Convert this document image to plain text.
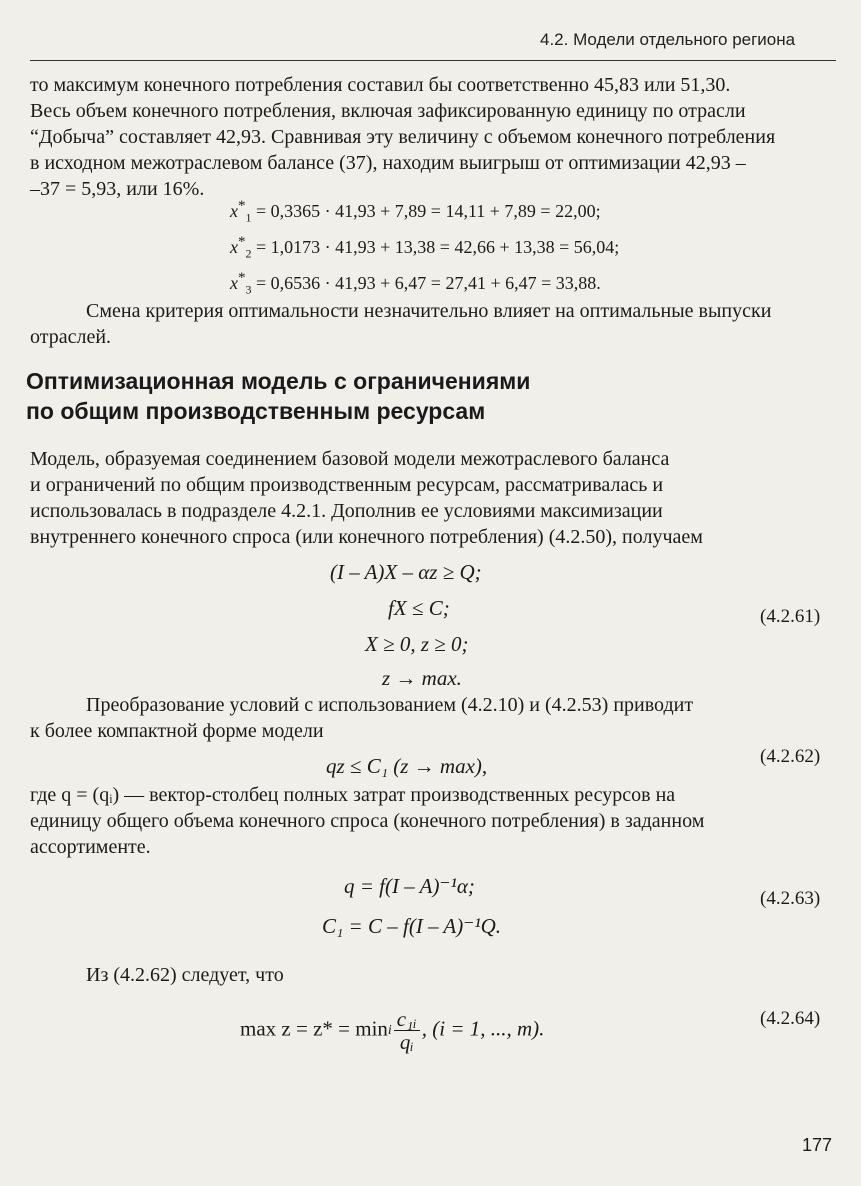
4.2. Модели отдельного региона
то максимум конечного потребления составил бы соответственно 45,83 или 51,30.
Весь объем конечного потребления, включая зафиксированную единицу по отрасли
“Добыча” составляет 42,93. Сравнивая эту величину с объемом конечного потребления
в исходном межотраслевом балансе (37), находим выигрыш от оптимизации 42,93 –
–37 = 5,93, или 16%.
$x^*_1 = 0,3365 \cdot 41,93 + 7,89 = 14,11 + 7,89 = 22,00$;
$x^*_2 = 1,0173 \cdot 41,93 + 13,38 = 42,66 + 13,38 = 56,04$;
$x^*_3 = 0,6536 \cdot 41,93 + 6,47 = 27,41 + 6,47 = 33,88$.
Смена критерия оптимальности незначительно влияет на оптимальные выпуски
отраслей.
Оптимизационная модель с ограничениями
по общим производственным ресурсам
Модель, образуемая соединением базовой модели межотраслевого баланса
и ограничений по общим производственным ресурсам, рассматривалась и
использовалась в подразделе 4.2.1. Дополнив ее условиями максимизации
внутреннего конечного спроса (или конечного потребления) (4.2.50), получаем
(I – A)X – αz ≥ Q;
fX ≤ C;
X ≥ 0, z ≥ 0;
z → max.
(4.2.61)
Преобразование условий с использованием (4.2.10) и (4.2.53) приводит
к более компактной форме модели
qz ≤ C₁ (z → max),	(4.2.62)
где q = (qᵢ) — вектор-столбец полных затрат производственных ресурсов на
единицу общего объема конечного спроса (конечного потребления) в заданном
ассортименте.
q = f(I – A)⁻¹α;
C₁ = C – f(I – A)⁻¹Q.
(4.2.63)
Из (4.2.62) следует, что
max z = z* = min i $\frac{\text{c₁ᵢ}}{\text{qᵢ}}$ , (i = 1, ..., m).	(4.2.64)
177
